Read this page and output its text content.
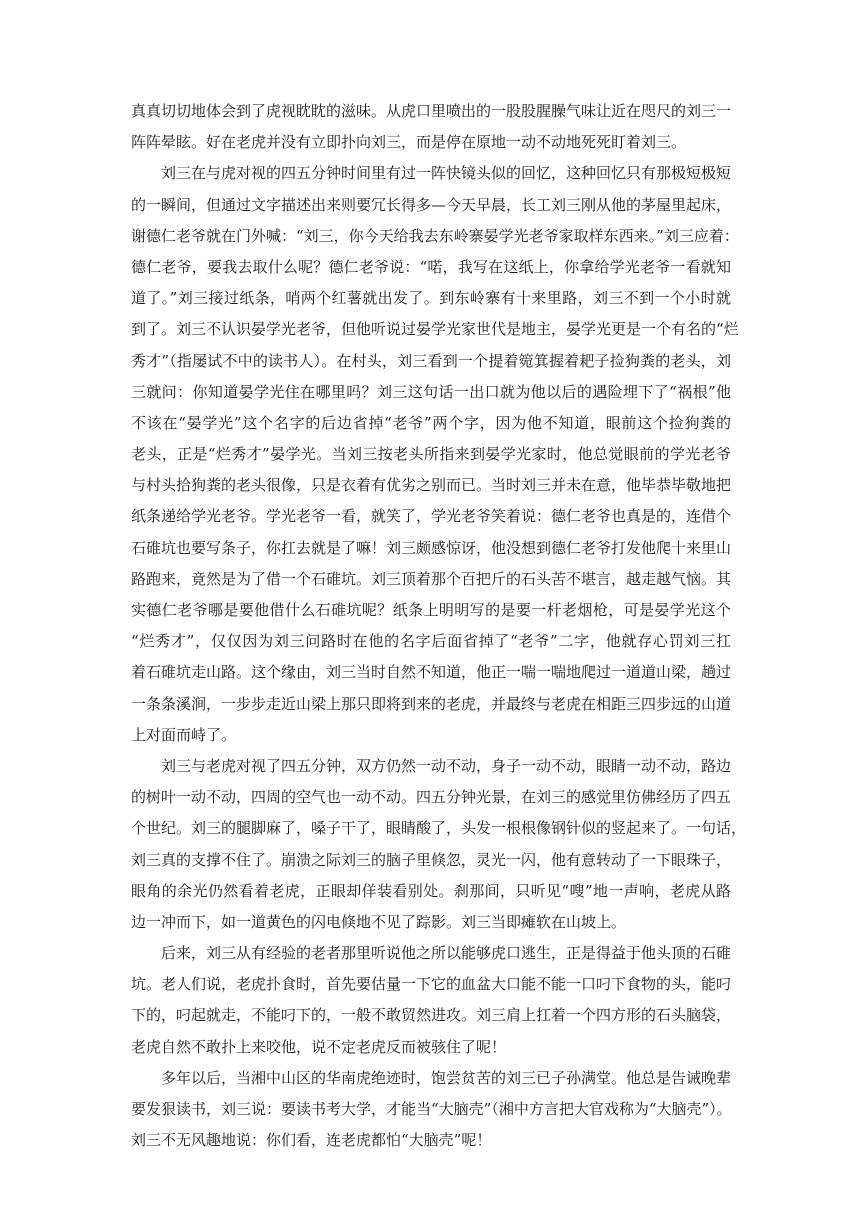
真真切切地体会到了虎视眈眈的滋味。从虎口里喷出的一股股腥臊气味让近在咫尺的刘三一
阵阵晕眩。好在老虎并没有立即扑向刘三，而是停在原地一动不动地死死盯着刘三。
刘三在与虎对视的四五分钟时间里有过一阵快镜头似的回忆，这种回忆只有那极短极短
的一瞬间，但通过文字描述出来则要冗长得多—今天早晨，长工刘三刚从他的茅屋里起床，
谢德仁老爷就在门外喊：“刘三，你今天给我去东岭寨晏学光老爷家取样东西来。”刘三应着：
德仁老爷，要我去取什么呢？德仁老爷说：“喏，我写在这纸上，你拿给学光老爷一看就知
道了。”刘三接过纸条，哨两个红薯就出发了。到东岭寨有十来里路，刘三不到一个小时就
到了。刘三不认识晏学光老爷，但他听说过晏学光家世代是地主，晏学光更是一个有名的“烂
秀才”（指屡试不中的读书人）。在村头，刘三看到一个提着箢箕握着耙子捡狗粪的老头，刘
三就问：你知道晏学光住在哪里吗？刘三这句话一出口就为他以后的遇险埋下了“祸根”他
不该在“晏学光”这个名字的后边省掉“老爷”两个字，因为他不知道，眼前这个捡狗粪的
老头，正是“烂秀才”晏学光。当刘三按老头所指来到晏学光家时，他总觉眼前的学光老爷
与村头拾狗粪的老头很像，只是衣着有优劣之别而已。当时刘三并未在意，他毕恭毕敬地把
纸条递给学光老爷。学光老爷一看，就笑了，学光老爷笑着说：德仁老爷也真是的，连借个
石碓坑也要写条子，你扛去就是了嘛！刘三颇感惊讶，他没想到德仁老爷打发他爬十来里山
路跑来，竟然是为了借一个石碓坑。刘三顶着那个百把斤的石头苦不堪言，越走越气恼。其
实德仁老爷哪是要他借什么石碓坑呢？纸条上明明写的是要一杆老烟枪，可是晏学光这个
“烂秀才”，仅仅因为刘三问路时在他的名字后面省掉了“老爷”二字，他就存心罚刘三扛
着石碓坑走山路。这个缘由，刘三当时自然不知道，他正一喘一喘地爬过一道道山梁，趟过
一条条溪涧，一步步走近山梁上那只即将到来的老虎，并最终与老虎在相距三四步远的山道
上对面而峙了。
刘三与老虎对视了四五分钟，双方仍然一动不动，身子一动不动，眼睛一动不动，路边
的树叶一动不动，四周的空气也一动不动。四五分钟光景，在刘三的感觉里仿佛经历了四五
个世纪。刘三的腿脚麻了，嗓子干了，眼睛酸了，头发一根根像钢针似的竖起来了。一句话，
刘三真的支撑不住了。崩溃之际刘三的脑子里倏忽，灵光一闪，他有意转动了一下眼珠子，
眼角的余光仍然看着老虎，正眼却佯装看别处。刹那间，只听见“嗖”地一声响，老虎从路
边一冲而下，如一道黄色的闪电倏地不见了踪影。刘三当即瘫软在山坡上。
后来，刘三从有经验的老者那里听说他之所以能够虎口逃生，正是得益于他头顶的石碓
坑。老人们说，老虎扑食时，首先要估量一下它的血盆大口能不能一口叼下食物的头，能叼
下的，叼起就走，不能叼下的，一般不敢贸然进攻。刘三肩上扛着一个四方形的石头脑袋，
老虎自然不敢扑上来咬他，说不定老虎反而被骇住了呢！
多年以后，当湘中山区的华南虎绝迹时，饱尝贫苦的刘三已子孙满堂。他总是告诫晚辈
要发狠读书，刘三说：要读书考大学，才能当“大脑壳”（湘中方言把大官戏称为“大脑壳”）。
刘三不无风趣地说：你们看，连老虎都怕“大脑壳”呢！
